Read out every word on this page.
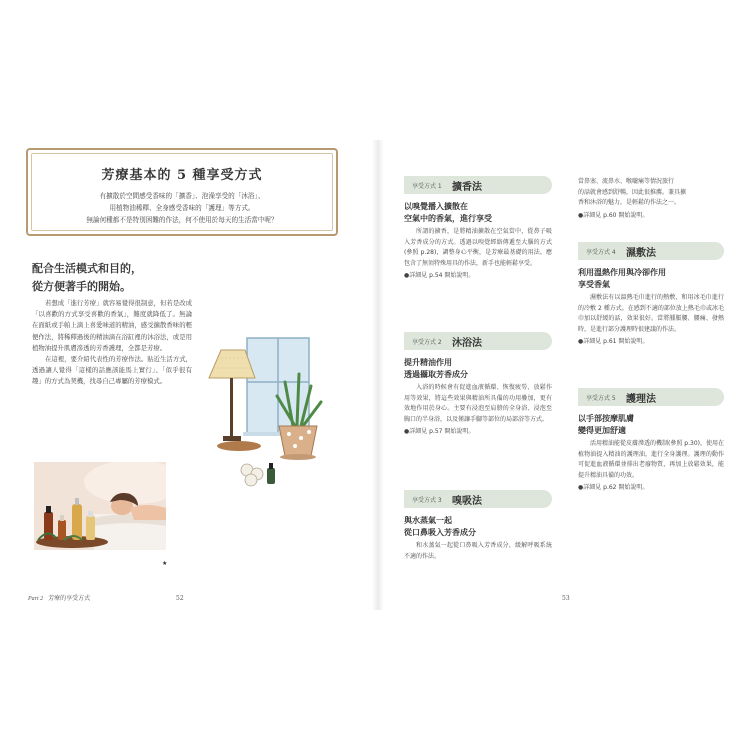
芳療基本的 5 種享受方式
有擴散於空間感受香味的「擴香」、泡澡享受的「沐浴」、
用植物油稀釋、全身感受香味的「護理」等方式。
無論何種都不是特別困難的作法，何不使用於每天的生活當中呢？
配合生活模式和目的，
從方便著手的開始。

若想成「進行芳療」就容易覺得很制意，但若是改成「以喜歡的方式享受喜歡的香氣」，難度就降低了。無論在面紙或手帕上滴上喜愛味道的精油，感受擴散香味的輕便作法，將稀釋過後的精油滴在浴缸裡的沐浴法，或是用植物油提升肌膚滲透的芳香護理，全都是芳療。

在這裡，要介紹代表性的芳療作法。貼近生活方式，透過讓人覺得「這樣的話應該能馬上實行」、「似乎很有趣」的方式為契機，找尋自己專屬的芳療模式。

★
Part 2 芳療的享受方式	52
享受方式 1 擴香法
以嗅覺播入擴散在
空氣中的香氣，進行享受

所謂的擴香，是將精油擴散在空氣當中，從鼻子吸入芳香成分的方式。透過以嗅覺經絡傳遞至大腦的方式(參照 p.28)，調整身心平衡，是芳療最基礎的用法。應包含了無須特殊用具的作法，新手也能輕鬆享受。

●詳細見 p.54 開始說明。
享受方式 2 沐浴法
提升精油作用
透過攝取芳香成分

入浴的時候會有促進血液循環、恢復疲勞、放鬆作用等效果，將這些效果與精油所具備的功用疊加，更有效地作用於身心。主要有浸泡至肩膀的全身浴、浸泡至胸口的半身浴，以及僅讓手腳等部位的局部浴等方式。

●詳細見 p.57 開始說明。
享受方式 3 嗅吸法
與水蒸氣一起
從口鼻吸入芳香成分

和水蒸氣一起從口鼻吸入芳香成分，緩解呼吸系統不適的作法。

當鼻塞、流鼻水、喉嚨痛等情況旅行
的話就會感到舒暢，因此很推薦。兼具擴
香和沐浴的魅力，是輕鬆的作法之一。
●詳細見 p.60 開始說明。
享受方式 4 濕敷法
利用溫熱作用與冷卻作用
享受香氣

濕敷法有以溫熱毛巾進行的熱敷，和用冰毛巾進行的冷敷 2 種方式。在感到不適的部位放上熱毛巾或冰毛巾加以舒緩的話，效果很好。當將腫脹腰、腰痛、發熱時，是進行部分護理時很建議的作法。

●詳細見 p.61 開始說明。
享受方式 5 護理法
以手部按摩肌膚
變得更加舒適

活用精油能從皮膚滲透的機制(參照 p.30)，使用在植物油提入精油的護理油，進行全身護理。護理的動作可促進血液循環並排出老廢物質，再加上放鬆效果，能提升精油具備的功效。

●詳細見 p.62 開始說明。
53
